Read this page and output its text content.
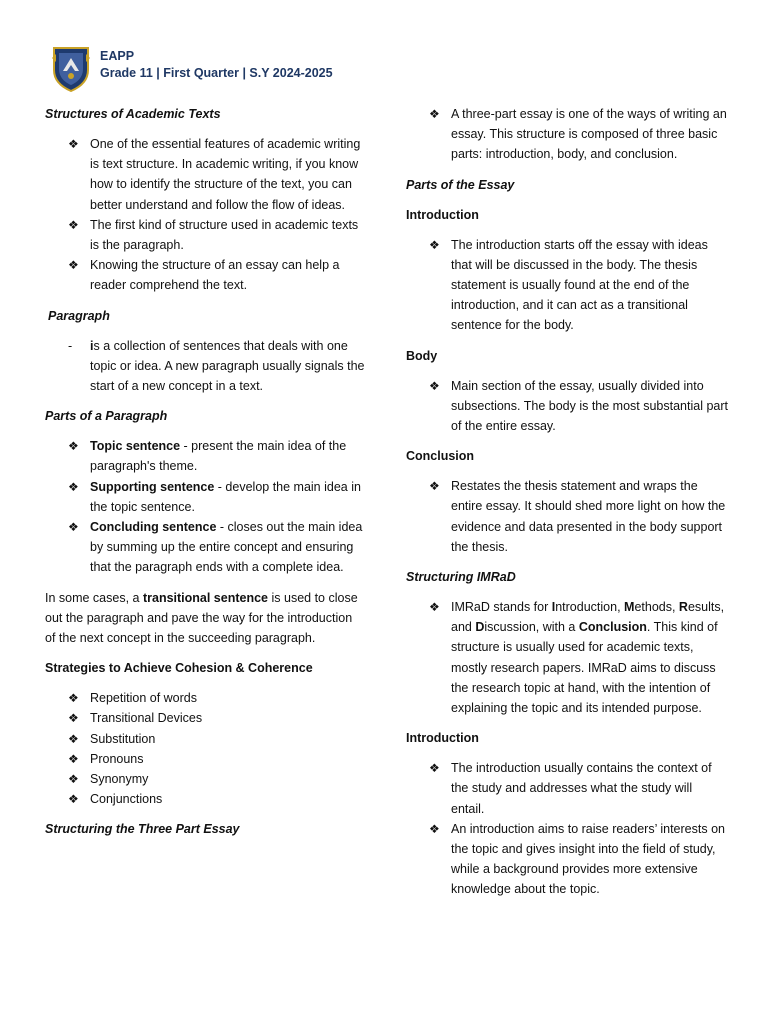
EAPP
Grade 11 | First Quarter | S.Y 2024-2025
Structures of Academic Texts
❖ One of the essential features of academic writing is text structure. In academic writing, if you know how to identify the structure of the text, you can better understand and follow the flow of ideas.
❖ The first kind of structure used in academic texts is the paragraph.
❖ Knowing the structure of an essay can help a reader comprehend the text.
Paragraph
- is a collection of sentences that deals with one topic or idea. A new paragraph usually signals the start of a new concept in a text.
Parts of a Paragraph
❖ Topic sentence - present the main idea of the paragraph's theme.
❖ Supporting sentence - develop the main idea in the topic sentence.
❖ Concluding sentence - closes out the main idea by summing up the entire concept and ensuring that the paragraph ends with a complete idea.

In some cases, a transitional sentence is used to close out the paragraph and pave the way for the introduction of the next concept in the succeeding paragraph.

Strategies to Achieve Cohesion & Coherence
❖ Repetition of words
❖ Transitional Devices
❖ Substitution
❖ Pronouns
❖ Synonymy
❖ Conjunctions
Structuring the Three Part Essay
❖ A three-part essay is one of the ways of writing an essay. This structure is composed of three basic parts: introduction, body, and conclusion.
Parts of the Essay
Introduction
❖ The introduction starts off the essay with ideas that will be discussed in the body. The thesis statement is usually found at the end of the introduction, and it can act as a transitional sentence for the body.
Body
❖ Main section of the essay, usually divided into subsections. The body is the most substantial part of the entire essay.
Conclusion
❖ Restates the thesis statement and wraps the entire essay. It should shed more light on how the evidence and data presented in the body support the thesis.
Structuring IMRaD
❖ IMRaD stands for Introduction, Methods, Results, and Discussion, with a Conclusion. This kind of structure is usually used for academic texts, mostly research papers. IMRaD aims to discuss the research topic at hand, with the intention of explaining the topic and its intended purpose.
Introduction
❖ The introduction usually contains the context of the study and addresses what the study will entail.
❖ An introduction aims to raise readers’ interests on the topic and gives insight into the field of study, while a background provides more extensive knowledge about the topic.
